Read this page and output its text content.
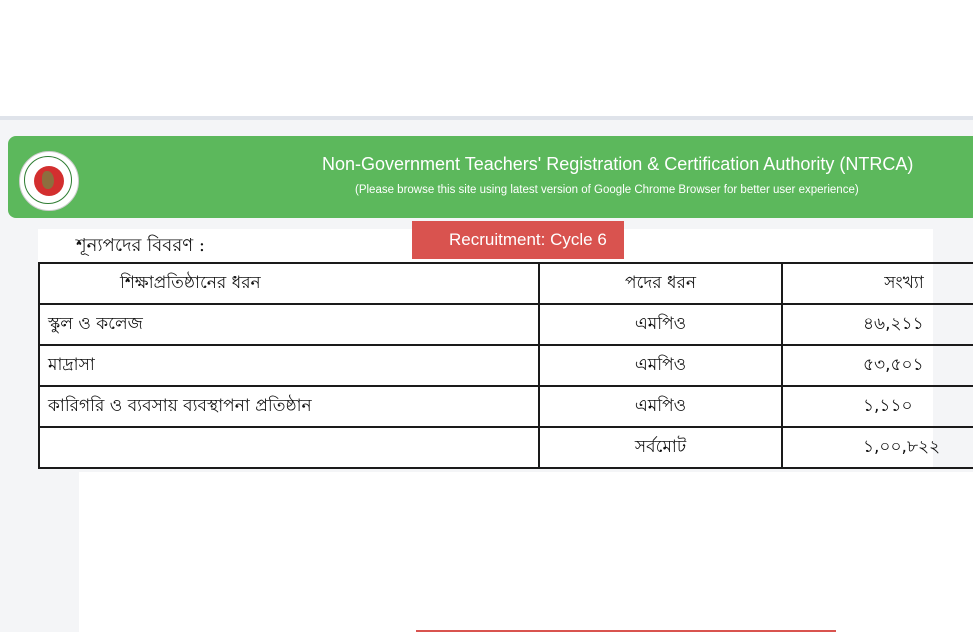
Non-Government Teachers' Registration & Certification Authority (NTRCA)
(Please browse this site using latest version of Google Chrome Browser for better user experience)
শূন্যপদের বিবরণ :
শিক্ষাপ্রতিষ্ঠানের ধরন	পদের ধরন	সংখ্যা
স্কুল ও কলেজ	এমপিও	৪৬,২১১
মাদ্রাসা	এমপিও	৫৩,৫০১
কারিগরি ও ব্যবসায় ব্যবস্থাপনা প্রতিষ্ঠান	এমপিও	১,১১০
	সর্বমোট	১,০০,৮২২
Recruitment: Cycle 6
